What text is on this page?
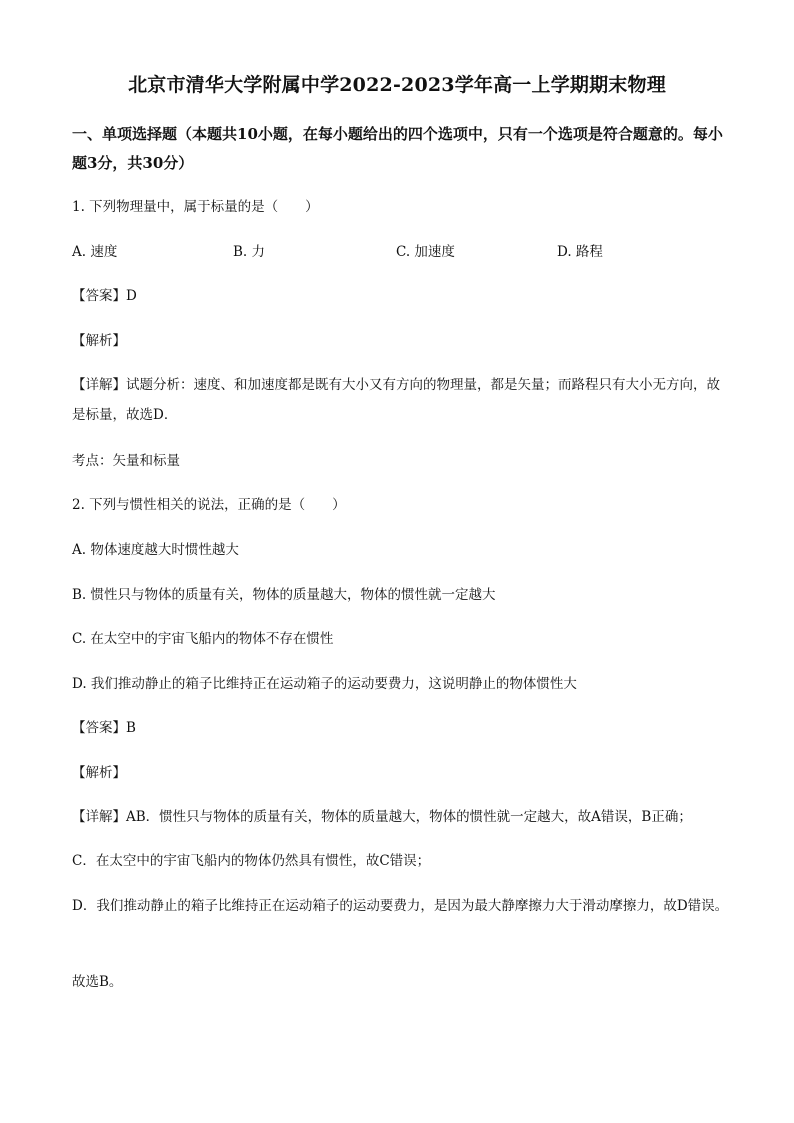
北京市清华大学附属中学2022-2023学年高一上学期期末物理
一、单项选择题（本题共10小题，在每小题给出的四个选项中，只有一个选项是符合题意的。每小题3分，共30分）
1. 下列物理量中，属于标量的是（　　）
A. 速度	B. 力	C. 加速度	D. 路程
【答案】D
【解析】
【详解】试题分析：速度、和加速度都是既有大小又有方向的物理量，都是矢量；而路程只有大小无方向，故是标量，故选D．
考点：矢量和标量
2. 下列与惯性相关的说法，正确的是（　　）
A. 物体速度越大时惯性越大
B. 惯性只与物体的质量有关，物体的质量越大，物体的惯性就一定越大
C. 在太空中的宇宙飞船内的物体不存在惯性
D. 我们推动静止的箱子比维持正在运动箱子的运动要费力，这说明静止的物体惯性大
【答案】B
【解析】
【详解】AB．惯性只与物体的质量有关，物体的质量越大，物体的惯性就一定越大，故A错误，B正确；
C．在太空中的宇宙飞船内的物体仍然具有惯性，故C错误；
D．我们推动静止的箱子比维持正在运动箱子的运动要费力，是因为最大静摩擦力大于滑动摩擦力，故D错误。
故选B。
